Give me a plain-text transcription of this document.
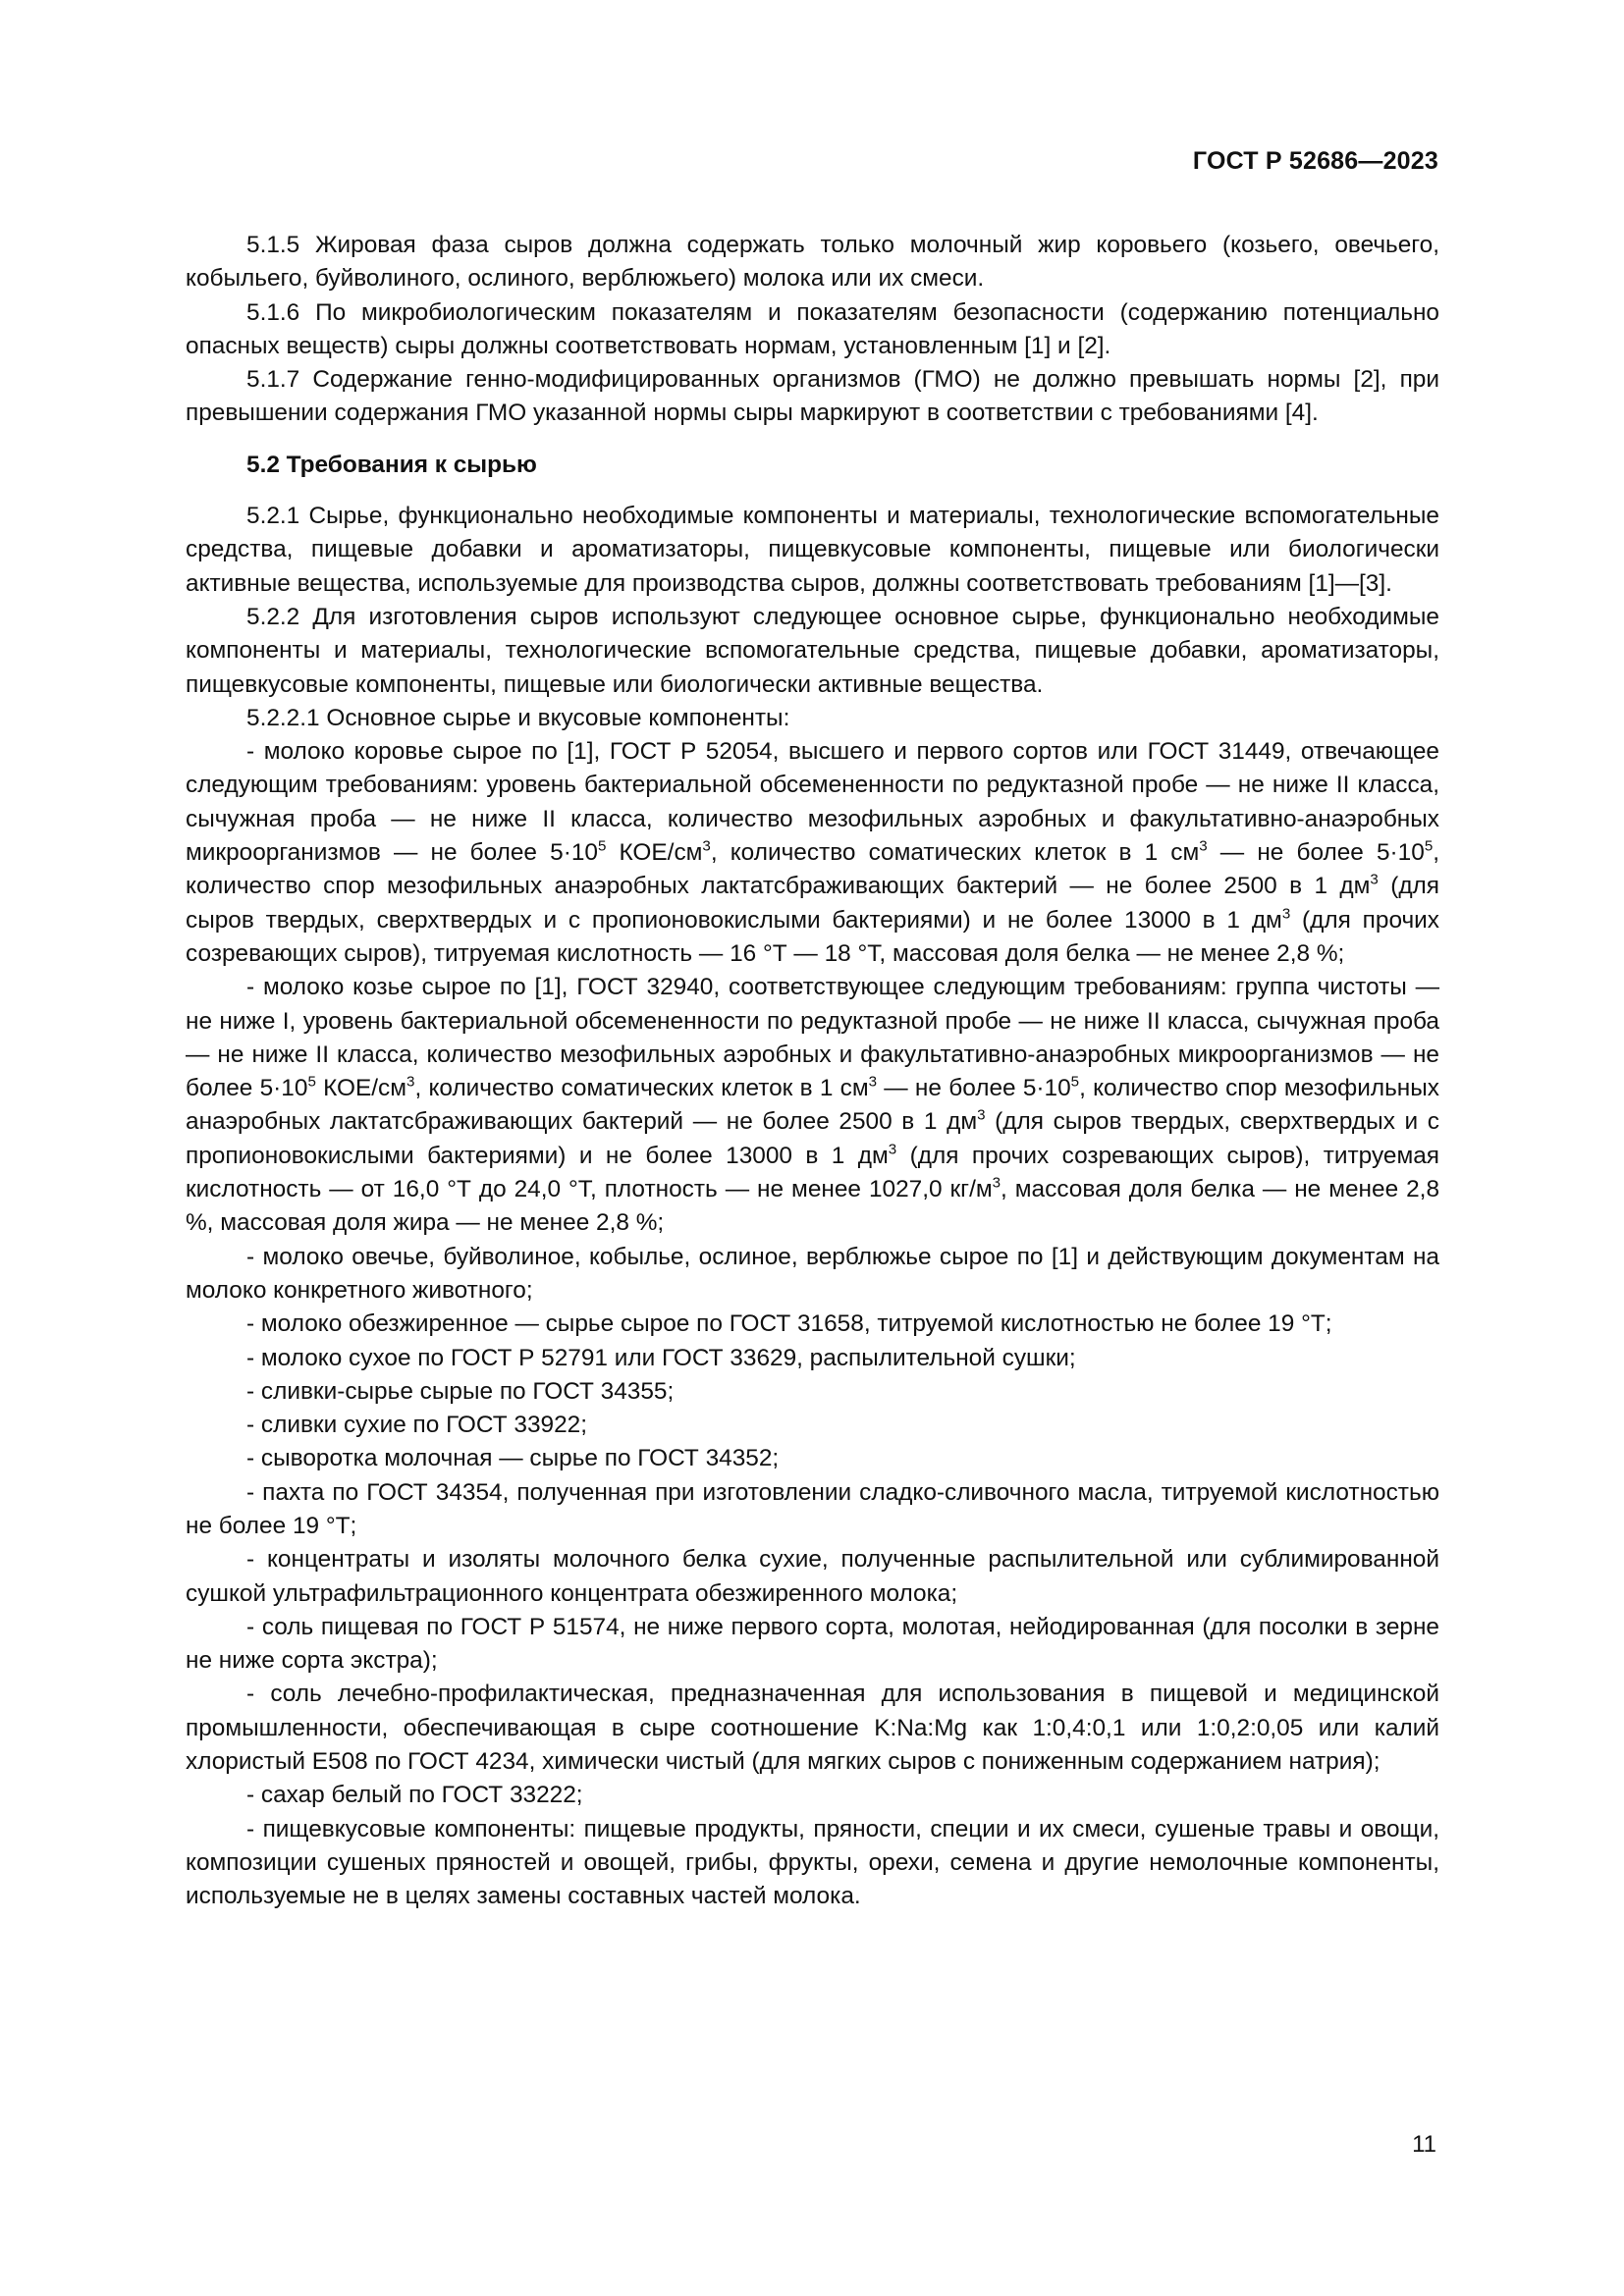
ГОСТ Р 52686—2023

5.1.5 Жировая фаза сыров должна содержать только молочный жир коровьего (козьего, овечьего, кобыльего, буйволиного, ослиного, верблюжьего) молока или их смеси.

5.1.6 По микробиологическим показателям и показателям безопасности (содержанию потенциально опасных веществ) сыры должны соответствовать нормам, установленным [1] и [2].

5.1.7 Содержание генно-модифицированных организмов (ГМО) не должно превышать нормы [2], при превышении содержания ГМО указанной нормы сыры маркируют в соответствии с требованиями [4].

5.2 Требования к сырью

5.2.1 Сырье, функционально необходимые компоненты и материалы, технологические вспомогательные средства, пищевые добавки и ароматизаторы, пищевкусовые компоненты, пищевые или биологически активные вещества, используемые для производства сыров, должны соответствовать требованиям [1]—[3].

5.2.2 Для изготовления сыров используют следующее основное сырье, функционально необходимые компоненты и материалы, технологические вспомогательные средства, пищевые добавки, ароматизаторы, пищевкусовые компоненты, пищевые или биологически активные вещества.

5.2.2.1 Основное сырье и вкусовые компоненты:

- молоко коровье сырое по [1], ГОСТ Р 52054, высшего и первого сортов или ГОСТ 31449, отвечающее следующим требованиям: уровень бактериальной обсемененности по редуктазной пробе — не ниже II класса, сычужная проба — не ниже II класса, количество мезофильных аэробных и факультативно-анаэробных микроорганизмов — не более $5\cdot 10^5$ КОЕ/$см^3$, количество соматических клеток в 1 $см^3$ — не более $5\cdot 10^5$, количество спор мезофильных анаэробных лактатсбраживающих бактерий — не более 2500 в 1 $дм^3$ (для сыров твердых, сверхтвердых и с пропионовокислыми бактериями) и не более 13000 в 1 $дм^3$ (для прочих созревающих сыров), титруемая кислотность — 16 °Т — 18 °Т, массовая доля белка — не менее 2,8 %;

- молоко козье сырое по [1], ГОСТ 32940, соответствующее следующим требованиям: группа чистоты — не ниже I, уровень бактериальной обсемененности по редуктазной пробе — не ниже II класса, сычужная проба — не ниже II класса, количество мезофильных аэробных и факультативно-анаэробных микроорганизмов — не более $5\cdot 10^5$ КОЕ/$см^3$, количество соматических клеток в 1 $см^3$ — не более $5\cdot 10^5$, количество спор мезофильных анаэробных лактатсбраживающих бактерий — не более 2500 в 1 $дм^3$ (для сыров твердых, сверхтвердых и с пропионовокислыми бактериями) и не более 13000 в 1 $дм^3$ (для прочих созревающих сыров), титруемая кислотность — от 16,0 °Т до 24,0 °Т, плотность — не менее 1027,0 $кг/м^3$, массовая доля белка — не менее 2,8 %, массовая доля жира — не менее 2,8 %;

- молоко овечье, буйволиное, кобылье, ослиное, верблюжье сырое по [1] и действующим документам на молоко конкретного животного;

- молоко обезжиренное — сырье сырое по ГОСТ 31658, титруемой кислотностью не более 19 °Т;

- молоко сухое по ГОСТ Р 52791 или ГОСТ 33629, распылительной сушки;

- сливки-сырье сырые по ГОСТ 34355;

- сливки сухие по ГОСТ 33922;

- сыворотка молочная — сырье по ГОСТ 34352;

- пахта по ГОСТ 34354, полученная при изготовлении сладко-сливочного масла, титруемой кислотностью не более 19 °Т;

- концентраты и изоляты молочного белка сухие, полученные распылительной или сублимированной сушкой ультрафильтрационного концентрата обезжиренного молока;

- соль пищевая по ГОСТ Р 51574, не ниже первого сорта, молотая, нейодированная (для посолки в зерне не ниже сорта экстра);

- соль лечебно-профилактическая, предназначенная для использования в пищевой и медицинской промышленности, обеспечивающая в сыре соотношение K:Na:Mg как 1:0,4:0,1 или 1:0,2:0,05 или калий хлористый Е508 по ГОСТ 4234, химически чистый (для мягких сыров с пониженным содержанием натрия);

- сахар белый по ГОСТ 33222;

- пищевкусовые компоненты: пищевые продукты, пряности, специи и их смеси, сушеные травы и овощи, композиции сушеных пряностей и овощей, грибы, фрукты, орехи, семена и другие немолочные компоненты, используемые не в целях замены составных частей молока.

11
